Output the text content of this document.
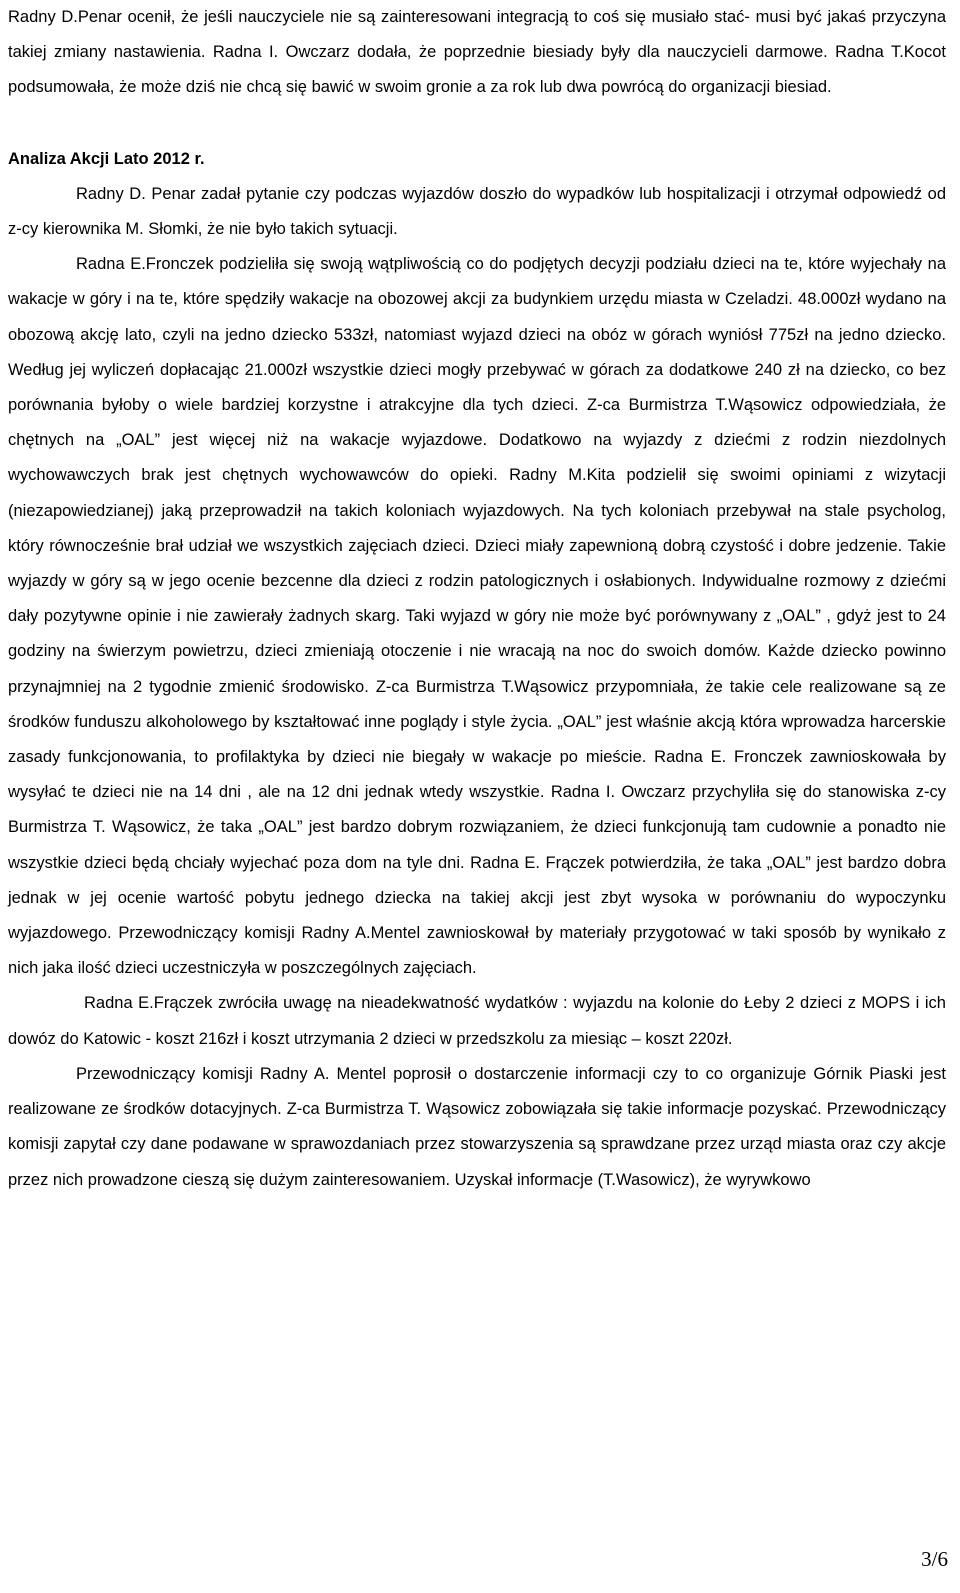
Radny D.Penar ocenił, że jeśli nauczyciele nie są zainteresowani integracją to coś się musiało stać- musi być jakaś przyczyna takiej zmiany nastawienia. Radna I. Owczarz dodała, że poprzednie biesiady były dla nauczycieli darmowe. Radna T.Kocot podsumowała, że może dziś nie chcą się bawić w swoim gronie a za rok lub dwa powrócą do organizacji biesiad.

Analiza Akcji Lato 2012 r.

Radny D. Penar zadał pytanie czy podczas wyjazdów doszło do wypadków lub hospitalizacji i otrzymał odpowiedź od z-cy kierownika M. Słomki, że nie było takich sytuacji.

Radna E.Fronczek podzieliła się swoją wątpliwością co do podjętych decyzji podziału dzieci na te, które wyjechały na wakacje w góry i na te, które spędziły wakacje na obozowej akcji za budynkiem urzędu miasta w Czeladzi. 48.000zł wydano na obozową akcję lato, czyli na jedno dziecko 533zł, natomiast wyjazd dzieci na obóz w górach wyniósł 775zł na jedno dziecko. Według jej wyliczeń dopłacając 21.000zł wszystkie dzieci mogły przebywać w górach za dodatkowe 240 zł na dziecko, co bez porównania byłoby o wiele bardziej korzystne i atrakcyjne dla tych dzieci. Z-ca Burmistrza T.Wąsowicz odpowiedziała, że chętnych na „OAL” jest więcej niż na wakacje wyjazdowe. Dodatkowo na wyjazdy z dziećmi z rodzin niezdolnych wychowawczych brak jest chętnych wychowawców do opieki. Radny M.Kita podzielił się swoimi opiniami z wizytacji (niezapowiedzianej) jaką przeprowadził na takich koloniach wyjazdowych. Na tych koloniach przebywał na stale psycholog, który równocześnie brał udział we wszystkich zajęciach dzieci. Dzieci miały zapewnioną dobrą czystość i dobre jedzenie. Takie wyjazdy w góry są w jego ocenie bezcenne dla dzieci z rodzin patologicznych i osłabionych. Indywidualne rozmowy z dziećmi dały pozytywne opinie i nie zawierały żadnych skarg. Taki wyjazd w góry nie może być porównywany z „OAL” , gdyż jest to 24 godziny na świerzym powietrzu, dzieci zmieniają otoczenie i nie wracają na noc do swoich domów. Każde dziecko powinno przynajmniej na 2 tygodnie zmienić środowisko. Z-ca Burmistrza T.Wąsowicz przypomniała, że takie cele realizowane są ze środków funduszu alkoholowego by kształtować inne poglądy i style życia. „OAL” jest właśnie akcją która wprowadza harcerskie zasady funkcjonowania, to profilaktyka by dzieci nie biegały w wakacje po mieście. Radna E. Fronczek zawnioskowała by wysyłać te dzieci nie na 14 dni , ale na 12 dni jednak wtedy wszystkie. Radna I. Owczarz przychyliła się do stanowiska z-cy Burmistrza T. Wąsowicz, że taka „OAL” jest bardzo dobrym rozwiązaniem, że dzieci funkcjonują tam cudownie a ponadto nie wszystkie dzieci będą chciały wyjechać poza dom na tyle dni. Radna E. Frączek potwierdziła, że taka „OAL” jest bardzo dobra jednak w jej ocenie wartość pobytu jednego dziecka na takiej akcji jest zbyt wysoka w porównaniu do wypoczynku wyjazdowego. Przewodniczący komisji Radny A.Mentel zawnioskował by materiały przygotować w taki sposób by wynikało z nich jaka ilość dzieci uczestniczyła w poszczególnych zajęciach.

Radna E.Frączek zwróciła uwagę na nieadekwatność wydatków : wyjazdu na kolonie do Łeby 2 dzieci z MOPS i ich dowóz do Katowic - koszt 216zł i koszt utrzymania 2 dzieci w przedszkolu za miesiąc – koszt 220zł.

Przewodniczący komisji Radny A. Mentel poprosił o dostarczenie informacji czy to co organizuje Górnik Piaski jest realizowane ze środków dotacyjnych. Z-ca Burmistrza T. Wąsowicz zobowiązała się takie informacje pozyskać. Przewodniczący komisji zapytał czy dane podawane w sprawozdaniach przez stowarzyszenia są sprawdzane przez urząd miasta oraz czy akcje przez nich prowadzone cieszą się dużym zainteresowaniem. Uzyskał informacje (T.Wasowicz), że wyrywkowo

3/6
